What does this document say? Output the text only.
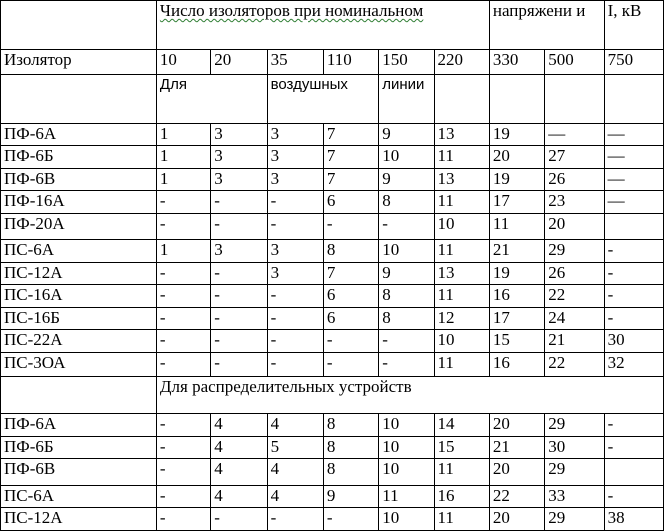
	Число изоляторов при номинальном						напряжени и		I, кВ
Изолятор	10	20	35	110	150	220	330	500	750
	Для		воздушных		линии				
ПФ-6А	1	3	3	7	9	13	19	—	—
ПФ-6Б	1	3	3	7	10	11	20	27	—
ПФ-6В	1	3	3	7	9	13	19	26	—
ПФ-16А	-	-	-	6	8	11	17	23	—
ПФ-20А	-	-	-	-	-	10	11	20	
ПС-6А	1	3	3	8	10	11	21	29	-
ПС-12А	-	-	3	7	9	13	19	26	-
ПС-16А	-	-	-	6	8	11	16	22	-
ПС-16Б	-	-	-	6	8	12	17	24	-
ПС-22А	-	-	-	-	-	10	15	21	30
ПС-3ОА	-	-	-	-	-	11	16	22	32
	Для распределительных устройств								
ПФ-6А	-	4	4	8	10	14	20	29	-
ПФ-6Б	-	4	5	8	10	15	21	30	-
ПФ-6В	-	4	4	8	10	11	20	29	
ПС-6А	-	4	4	9	11	16	22	33	-
ПС-12А	-	-	-	-	10	11	20	29	38
